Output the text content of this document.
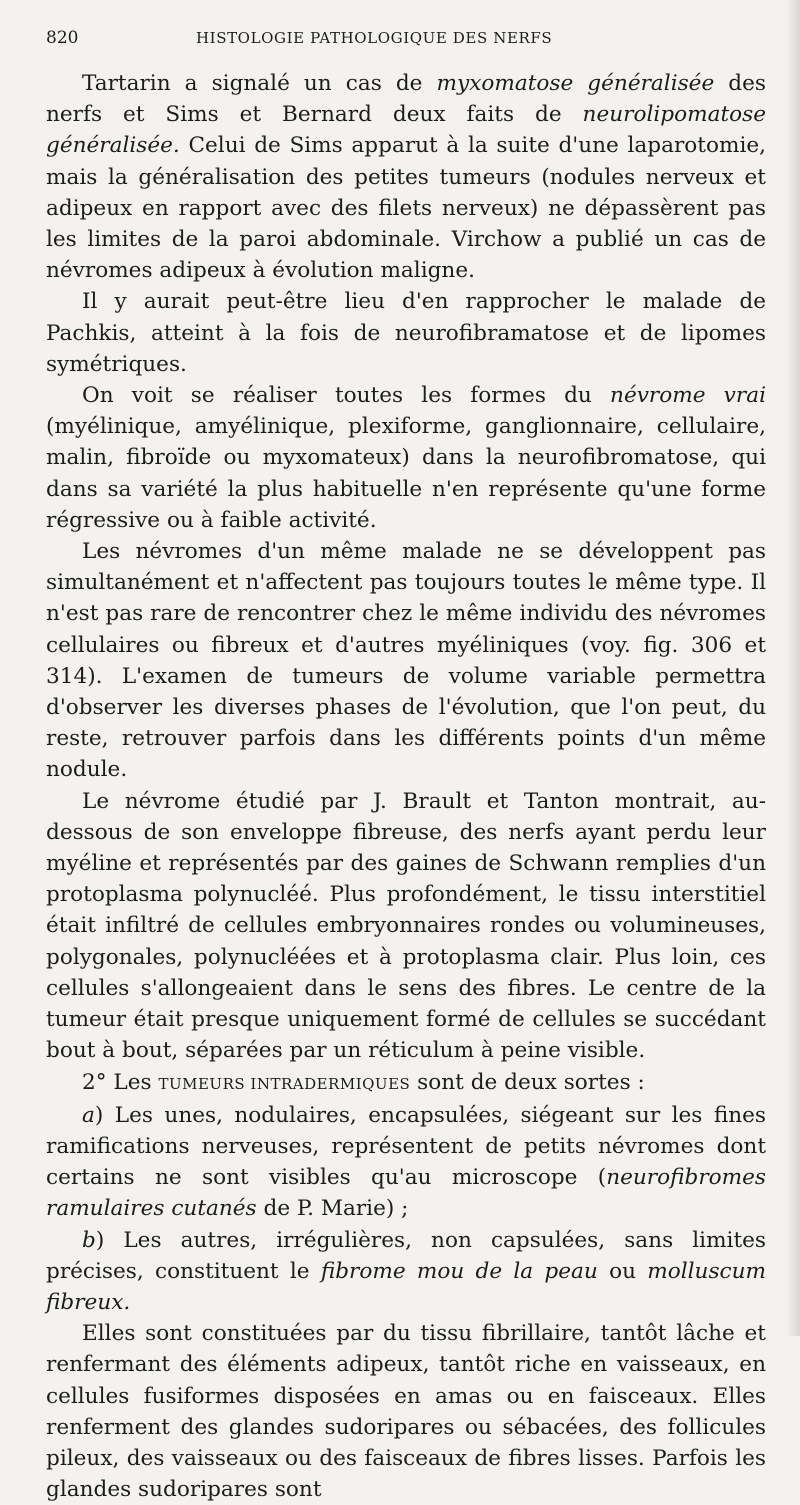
820	HISTOLOGIE PATHOLOGIQUE DES NERFS

Tartarin a signalé un cas de myxomatose généralisée des nerfs et Sims et Bernard deux faits de neurolipomatose généralisée. Celui de Sims apparut à la suite d'une laparotomie, mais la généralisation des petites tumeurs (nodules nerveux et adipeux en rapport avec des filets nerveux) ne dépassèrent pas les limites de la paroi abdominale. Virchow a publié un cas de névromes adipeux à évolution maligne.

Il y aurait peut-être lieu d'en rapprocher le malade de Pachkis, atteint à la fois de neurofibramatose et de lipomes symétriques.

On voit se réaliser toutes les formes du névrome vrai (myélinique, amyélinique, plexiforme, ganglionnaire, cellulaire, malin, fibroïde ou myxomateux) dans la neurofibromatose, qui dans sa variété la plus habituelle n'en représente qu'une forme régressive ou à faible activité.

Les névromes d'un même malade ne se développent pas simultanément et n'affectent pas toujours toutes le même type. Il n'est pas rare de rencontrer chez le même individu des névromes cellulaires ou fibreux et d'autres myéliniques (voy. fig. 306 et 314). L'examen de tumeurs de volume variable permettra d'observer les diverses phases de l'évolution, que l'on peut, du reste, retrouver parfois dans les différents points d'un même nodule.

Le névrome étudié par J. Brault et Tanton montrait, au-dessous de son enveloppe fibreuse, des nerfs ayant perdu leur myéline et représentés par des gaines de Schwann remplies d'un protoplasma polynucléé. Plus profondément, le tissu interstitiel était infiltré de cellules embryonnaires rondes ou volumineuses, polygonales, polynucléées et à protoplasma clair. Plus loin, ces cellules s'allongeaient dans le sens des fibres. Le centre de la tumeur était presque uniquement formé de cellules se succédant bout à bout, séparées par un réticulum à peine visible.

2° Les TUMEURS INTRADERMIQUES sont de deux sortes :

a) Les unes, nodulaires, encapsulées, siégeant sur les fines ramifications nerveuses, représentent de petits névromes dont certains ne sont visibles qu'au microscope (neurofibromes ramulaires cutanés de P. Marie) ;

b) Les autres, irrégulières, non capsulées, sans limites précises, constituent le fibrome mou de la peau ou molluscum fibreux.

Elles sont constituées par du tissu fibrillaire, tantôt lâche et renfermant des éléments adipeux, tantôt riche en vaisseaux, en cellules fusiformes disposées en amas ou en faisceaux. Elles renferment des glandes sudoripares ou sébacées, des follicules pileux, des vaisseaux ou des faisceaux de fibres lisses. Parfois les glandes sudoripares sont
